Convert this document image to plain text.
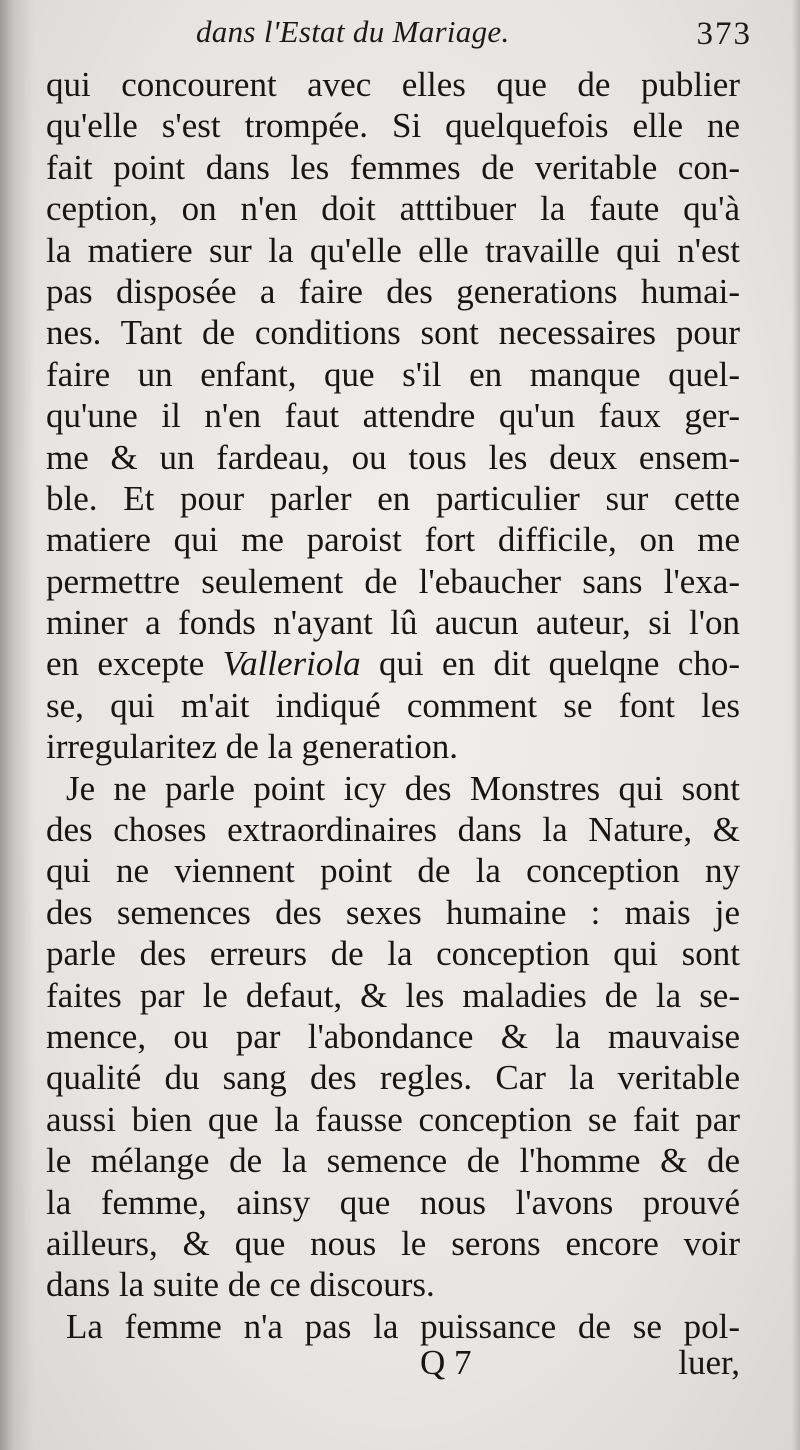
dans l'Estat du Mariage.	373
qui concourent avec elles que de publier
qu'elle s'est trompée. Si quelquefois elle ne
fait point dans les femmes de veritable con-
ception, on n'en doit atttibuer la faute qu'à
la matiere sur la qu'elle elle travaille qui n'est
pas disposée a faire des generations humai-
nes. Tant de conditions sont necessaires pour
faire un enfant, que s'il en manque quel-
qu'une il n'en faut attendre qu'un faux ger-
me & un fardeau, ou tous les deux ensem-
ble. Et pour parler en particulier sur cette
matiere qui me paroist fort difficile, on me
permettre seulement de l'ebaucher sans l'exa-
miner a fonds n'ayant lû aucun auteur, si l'on
en excepte Valleriola qui en dit quelqne cho-
se, qui m'ait indiqué comment se font les
irregularitez de la generation.
Je ne parle point icy des Monstres qui sont
des choses extraordinaires dans la Nature, &
qui ne viennent point de la conception ny
des semences des sexes humaine : mais je
parle des erreurs de la conception qui sont
faites par le defaut, & les maladies de la se-
mence, ou par l'abondance & la mauvaise
qualité du sang des regles. Car la veritable
aussi bien que la fausse conception se fait par
le mélange de la semence de l'homme & de
la femme, ainsy que nous l'avons prouvé
ailleurs, & que nous le serons encore voir
dans la suite de ce discours.
La femme n'a pas la puissance de se pol-
Q 7	luer,
